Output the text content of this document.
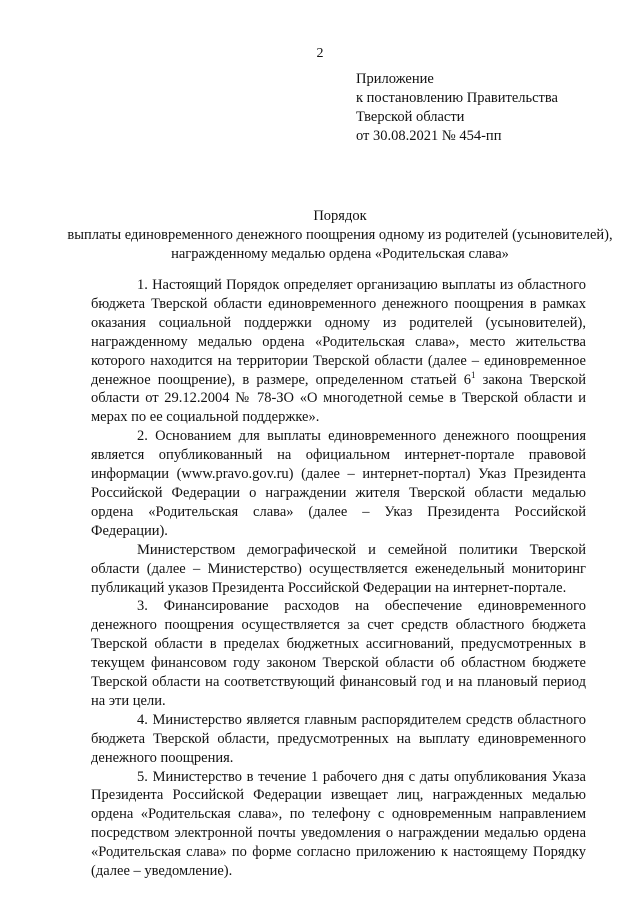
2
Приложение
к постановлению Правительства
Тверской области
от 30.08.2021 № 454-пп
Порядок
выплаты единовременного денежного поощрения одному из родителей (усыновителей), награжденному медалью ордена «Родительская слава»

1. Настоящий Порядок определяет организацию выплаты из областного бюджета Тверской области единовременного денежного поощрения в рамках оказания социальной поддержки одному из родителей (усыновителей), награжденному медалью ордена «Родительская слава», место жительства которого находится на территории Тверской области (далее – единовременное денежное поощрение), в размере, определенном статьей $6^1$ закона Тверской области от 29.12.2004 № 78-ЗО «О многодетной семье в Тверской области и мерах по ее социальной поддержке».

2. Основанием для выплаты единовременного денежного поощрения является опубликованный на официальном интернет-портале правовой информации (www.pravo.gov.ru) (далее – интернет-портал) Указ Президента Российской Федерации о награждении жителя Тверской области медалью ордена «Родительская слава» (далее – Указ Президента Российской Федерации).

Министерством демографической и семейной политики Тверской области (далее – Министерство) осуществляется еженедельный мониторинг публикаций указов Президента Российской Федерации на интернет-портале.

3. Финансирование расходов на обеспечение единовременного денежного поощрения осуществляется за счет средств областного бюджета Тверской области в пределах бюджетных ассигнований, предусмотренных в текущем финансовом году законом Тверской области об областном бюджете Тверской области на соответствующий финансовый год и на плановый период на эти цели.

4. Министерство является главным распорядителем средств областного бюджета Тверской области, предусмотренных на выплату единовременного денежного поощрения.

5. Министерство в течение 1 рабочего дня с даты опубликования Указа Президента Российской Федерации извещает лиц, награжденных медалью ордена «Родительская слава», по телефону с одновременным направлением посредством электронной почты уведомления о награждении медалью ордена «Родительская слава» по форме согласно приложению к настоящему Порядку (далее – уведомление).
